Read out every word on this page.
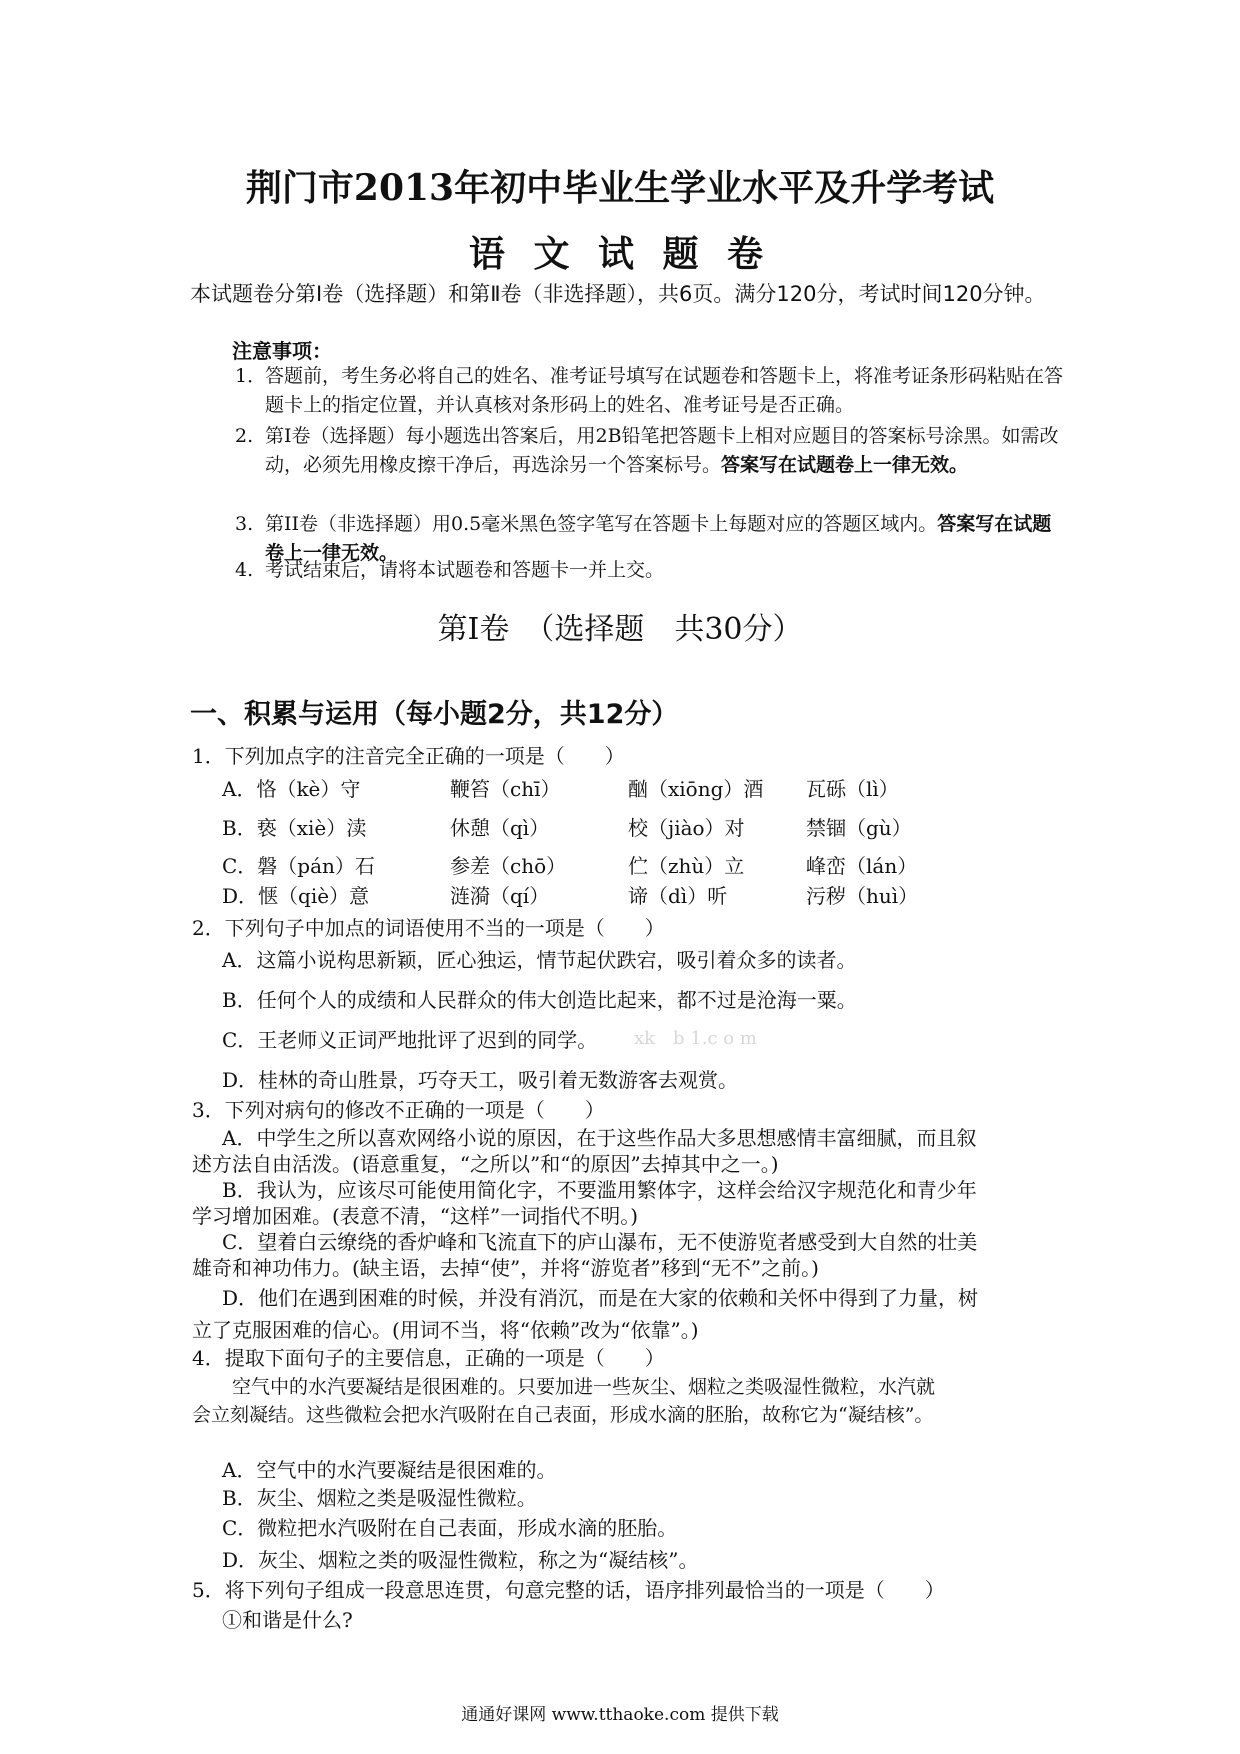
荆门市2013年初中毕业生学业水平及升学考试
语 文 试 题 卷
本试题卷分第Ⅰ卷（选择题）和第Ⅱ卷（非选择题），共6页。满分120分，考试时间120分钟。
注意事项：
1．
答题前，考生务必将自己的姓名、准考证号填写在试题卷和答题卡上，将准考证条形码粘贴在答题卡上的指定位置，并认真核对条形码上的姓名、准考证号是否正确。
2. 第Ⅰ卷（选择题）每小题选出答案后，用2B铅笔把答题卡上相对应题目的答案标号涂黑。如需改动，必须先用橡皮擦干净后，再选涂另一个答案标号。答案写在试题卷上一律无效。
3. 第II卷（非选择题）用0.5毫米黑色签字笔写在答题卡上每题对应的答题区域内。答案写在试题卷上一律无效。
4. 考试结束后，请将本试题卷和答题卡一并上交。
第Ⅰ卷　（选择题　共30分）
一、积累与运用（每小题2分，共12分）
1．下列加点字的注音完全正确的一项是（　　）
A．恪（kè）守	鞭笞（chī）	酗（xiōng）酒 瓦砾（lì）
B．亵（xiè）渎	休憩（qì）	校（jiào）对	禁锢（gù）
C．磐（pán）石	参差（chō）	伫（zhù）立	峰峦（lán）
D．惬（qiè）意	涟漪（qí）	谛（dì）听	污秽（huì）
2．下列句子中加点的词语使用不当的一项是（　　）
A．这篇小说构思新颖，匠心独运，情节起伏跌宕，吸引着众多的读者。
B．任何个人的成绩和人民群众的伟大创造比起来，都不过是沧海一粟。
C．王老师义正词严地批评了迟到的同学。 xk　b 1.c o m
D．桂林的奇山胜景，巧夺天工，吸引着无数游客去观赏。
3．下列对病句的修改不正确的一项是（　　）
A．中学生之所以喜欢网络小说的原因，在于这些作品大多思想感情丰富细腻，而且叙
述方法自由活泼。(语意重复，“之所以”和“的原因”去掉其中之一。)
B．我认为，应该尽可能使用简化字，不要滥用繁体字，这样会给汉字规范化和青少年
学习增加困难。(表意不清，“这样”一词指代不明。)
C．望着白云缭绕的香炉峰和飞流直下的庐山瀑布，无不使游览者感受到大自然的壮美
雄奇和神功伟力。(缺主语，去掉“使”，并将“游览者”移到“无不”之前。)
D．他们在遇到困难的时候，并没有消沉，而是在大家的依赖和关怀中得到了力量，树
立了克服困难的信心。(用词不当，将“依赖”改为“依靠”。)
4．提取下面句子的主要信息，正确的一项是（　　）
空气中的水汽要凝结是很困难的。只要加进一些灰尘、烟粒之类吸湿性微粒，水汽就
会立刻凝结。这些微粒会把水汽吸附在自己表面，形成水滴的胚胎，故称它为“凝结核”。
A．空气中的水汽要凝结是很困难的。
B．灰尘、烟粒之类是吸湿性微粒。
C．微粒把水汽吸附在自己表面，形成水滴的胚胎。
D．灰尘、烟粒之类的吸湿性微粒，称之为“凝结核”。
5．将下列句子组成一段意思连贯，句意完整的话，语序排列最恰当的一项是（　　）
①和谐是什么?
通通好课网 www.tthaoke.com 提供下载
